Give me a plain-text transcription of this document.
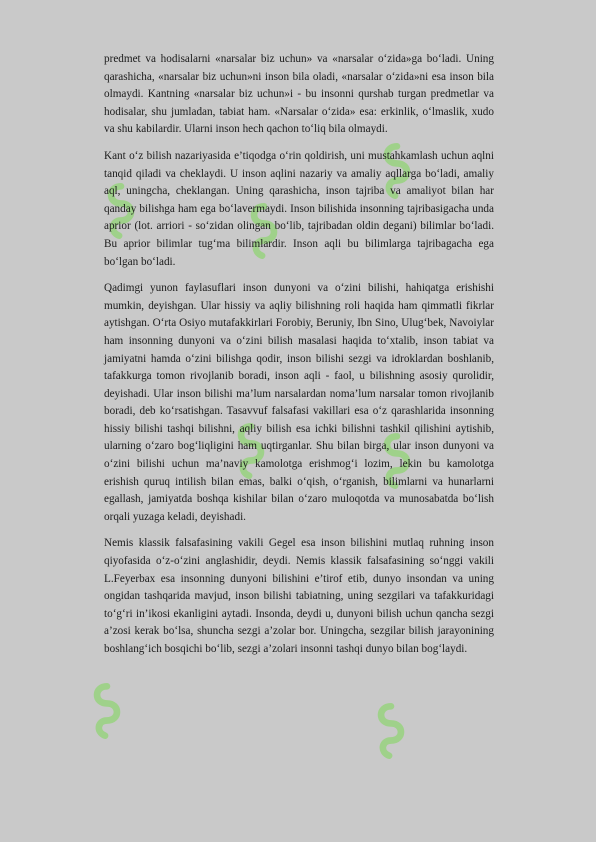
predmet va hodisalarni «narsalar biz uchun» va «narsalar o‘zida»ga bo‘ladi. Uning qarashicha, «narsalar biz uchun»ni inson bila oladi, «narsalar o‘zida»ni esa inson bila olmaydi. Kantning «narsalar biz uchun»i - bu insonni qurshab turgan predmetlar va hodisalar, shu jumladan, tabiat ham. «Narsalar o‘zida» esa: erkinlik, o‘lmaslik, xudo va shu kabilardir. Ularni inson hech qachon to‘liq bila olmaydi.

Kant o‘z bilish nazariyasida e’tiqodga o‘rin qoldirish, uni mustahkamlash uchun aqlni tanqid qiladi va cheklaydi. U inson aqlini nazariy va amaliy aqllarga bo‘ladi, amaliy aql, uningcha, cheklangan. Uning qarashicha, inson tajriba va amaliyot bilan har qanday bilishga ham ega bo‘lavermaydi. Inson bilishida insonning tajribasigacha unda aprior (lot. arriori - so‘zidan olingan bo‘lib, tajribadan oldin degani) bilimlar bo‘ladi. Bu aprior bilimlar tug‘ma bilimlardir. Inson aqli bu bilimlarga tajribagacha ega bo‘lgan bo‘ladi.

Qadimgi yunon faylasuflari inson dunyoni va o‘zini bilishi, hahiqatga erishishi mumkin, deyishgan. Ular hissiy va aqliy bilishning roli haqida ham qimmatli fikrlar aytishgan. O‘rta Osiyo mutafakkirlari Forobiy, Beruniy, Ibn Sino, Ulug‘bek, Navoiylar ham insonning dunyoni va o‘zini bilish masalasi haqida to‘xtalib, inson tabiat va jamiyatni hamda o‘zini bilishga qodir, inson bilishi sezgi va idroklardan boshlanib, tafakkurga tomon rivojlanib boradi, inson aqli - faol, u bilishning asosiy qurolidir, deyishadi. Ular inson bilishi ma’lum narsalardan noma’lum narsalar tomon rivojlanib boradi, deb ko‘rsatishgan. Tasavvuf falsafasi vakillari esa o‘z qarashlarida insonning hissiy bilishi tashqi bilishni, aqliy bilish esa ichki bilishni tashkil qilishini aytishib, ularning o‘zaro bog‘liqligini ham uqtirganlar. Shu bilan birga, ular inson dunyoni va o‘zini bilishi uchun ma’naviy kamolotga erishmog‘i lozim, lekin bu kamolotga erishish quruq intilish bilan emas, balki o‘qish, o‘rganish, bilimlarni va hunarlarni egallash, jamiyatda boshqa kishilar bilan o‘zaro muloqotda va munosabatda bo‘lish orqali yuzaga keladi, deyishadi.

Nemis klassik falsafasining vakili Gegel esa inson bilishini mutlaq ruhning inson qiyofasida o‘z-o‘zini anglashidir, deydi. Nemis klassik falsafasining so‘nggi vakili L.Feyerbax esa insonning dunyoni bilishini e’tirof etib, dunyo insondan va uning ongidan tashqarida mavjud, inson bilishi tabiatning, uning sezgilari va tafakkuridagi to‘g‘ri in’ikosi ekanligini aytadi. Insonda, deydi u, dunyoni bilish uchun qancha sezgi a’zosi kerak bo‘lsa, shuncha sezgi a’zolar bor. Uningcha, sezgilar bilish jarayonining boshlang‘ich bosqichi bo‘lib, sezgi a’zolari insonni tashqi dunyo bilan bog‘laydi.
